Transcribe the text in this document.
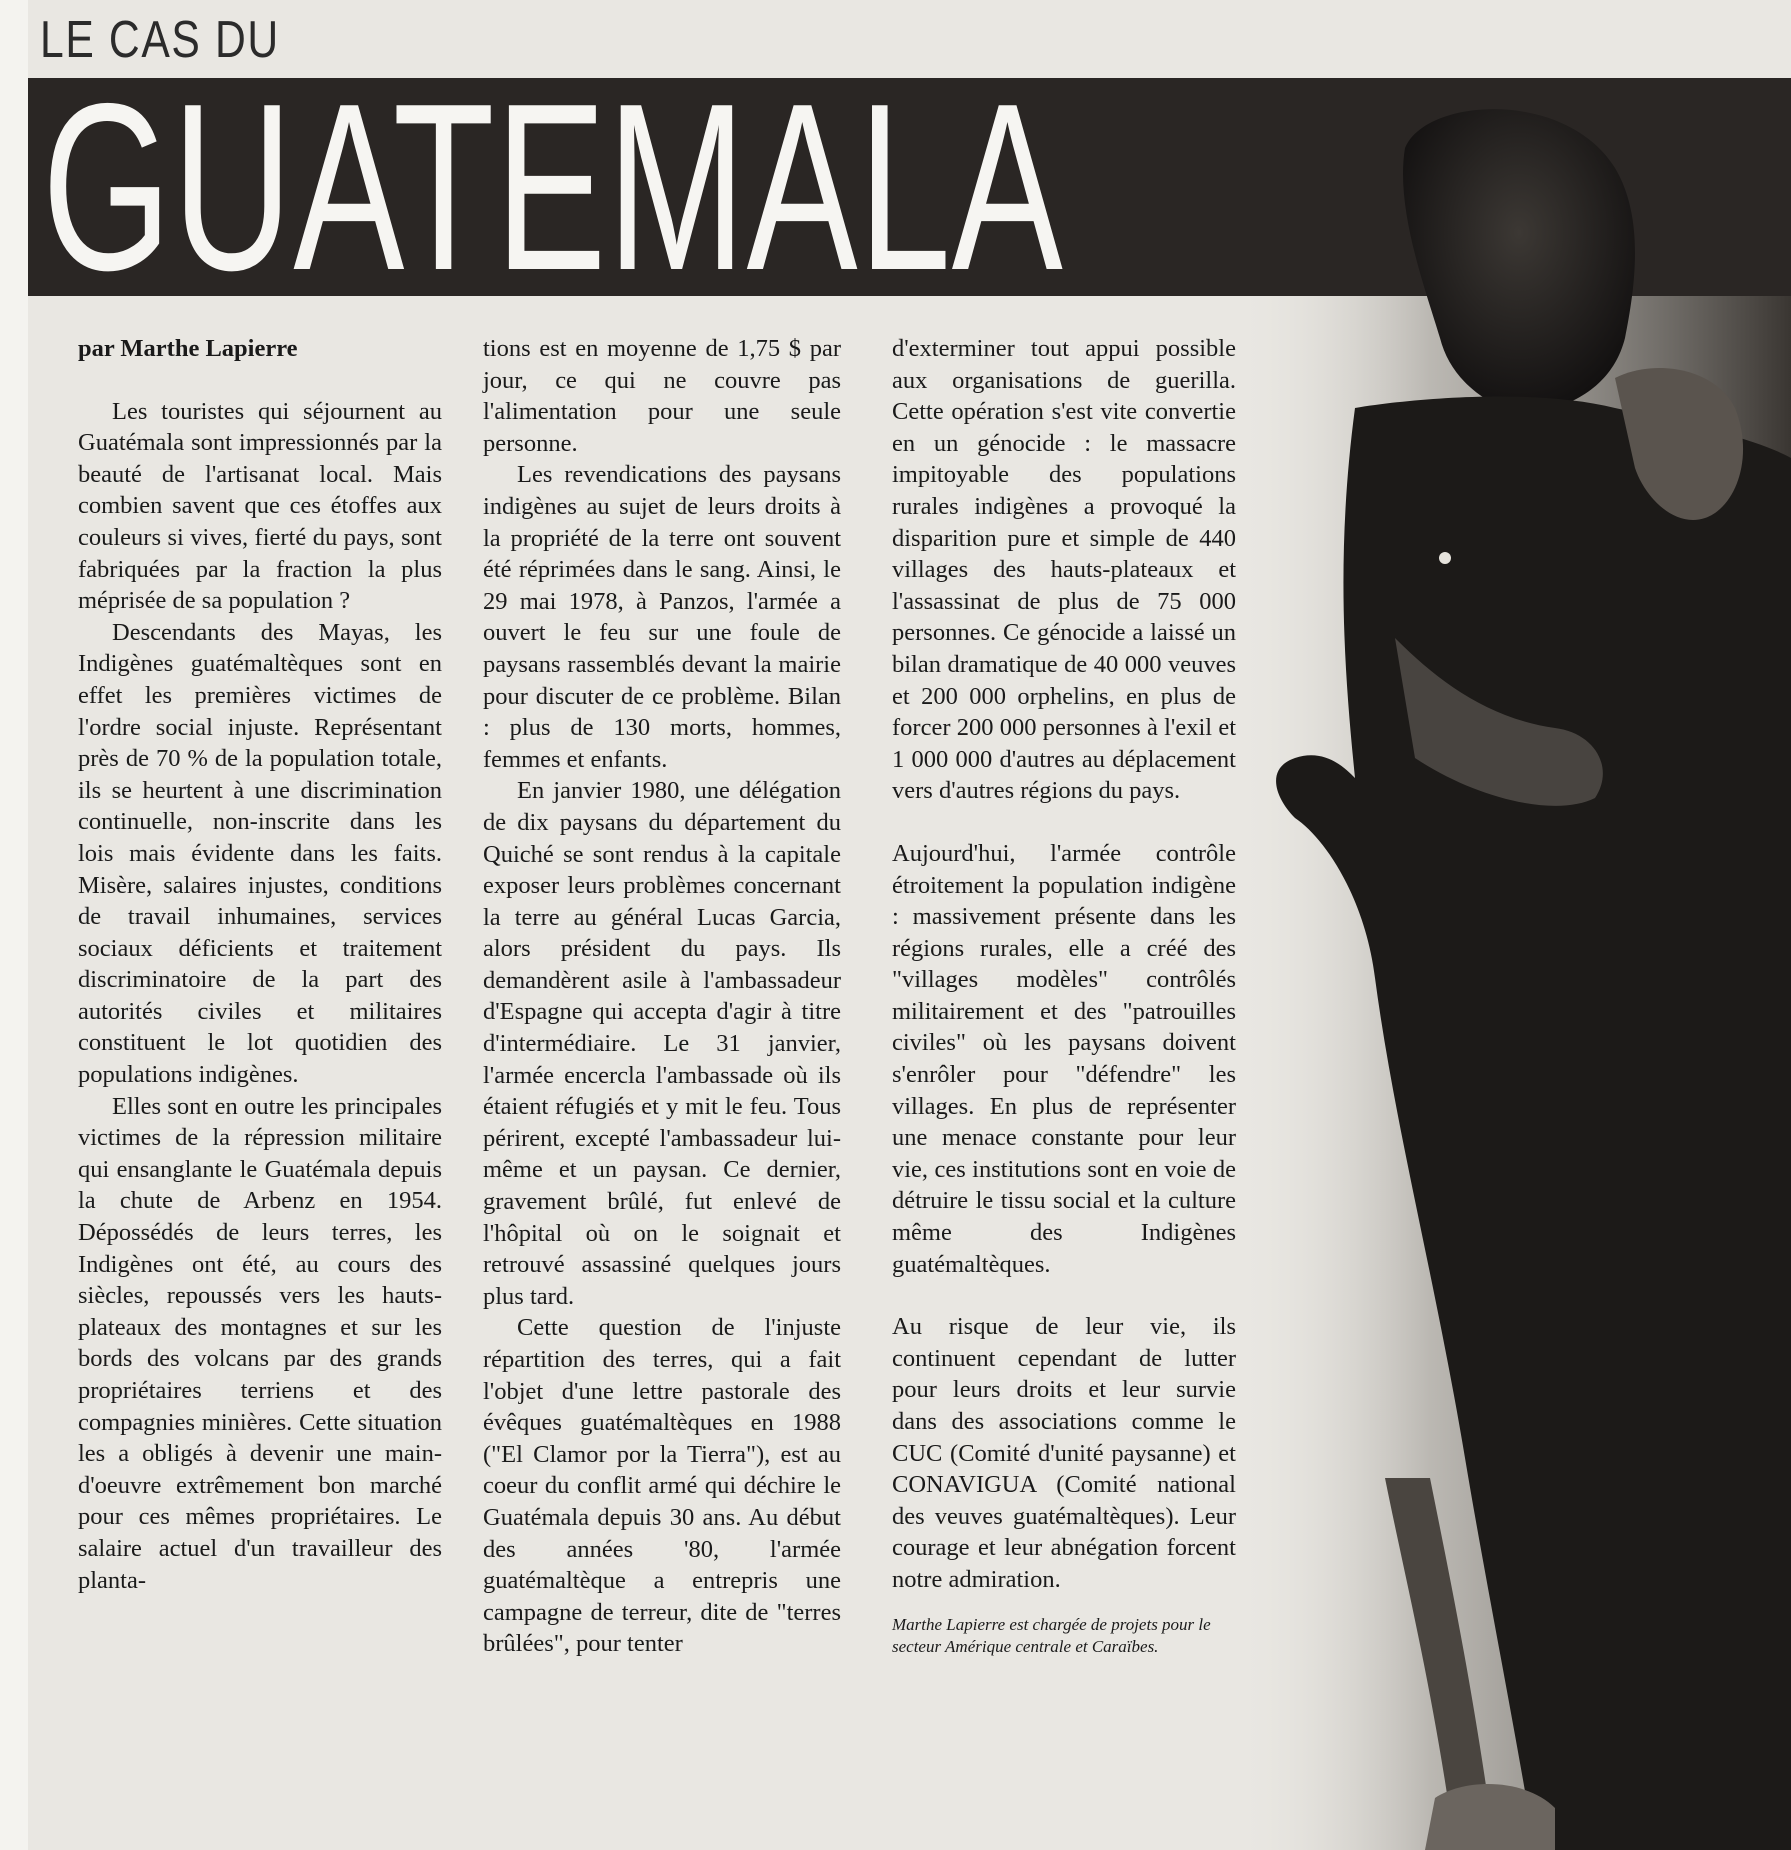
LE CAS DU
GUATEMALA

par Marthe Lapierre

Les touristes qui séjournent au Guatémala sont impressionnés par la beauté de l'artisanat local. Mais combien savent que ces étoffes aux couleurs si vives, fierté du pays, sont fabriquées par la fraction la plus méprisée de sa population ?

Descendants des Mayas, les Indigènes guatémaltèques sont en effet les premières victimes de l'ordre social injuste. Représentant près de 70 % de la population totale, ils se heurtent à une discrimination continuelle, non-inscrite dans les lois mais évidente dans les faits. Misère, salaires injustes, conditions de travail inhumaines, services sociaux déficients et traitement discriminatoire de la part des autorités civiles et militaires constituent le lot quotidien des populations indigènes.

Elles sont en outre les principales victimes de la répression militaire qui ensanglante le Guatémala depuis la chute de Arbenz en 1954. Dépossédés de leurs terres, les Indigènes ont été, au cours des siècles, repoussés vers les hauts-plateaux des montagnes et sur les bords des volcans par des grands propriétaires terriens et des compagnies minières. Cette situation les a obligés à devenir une main-d'oeuvre extrêmement bon marché pour ces mêmes propriétaires. Le salaire actuel d'un travailleur des planta-

tions est en moyenne de 1,75 $ par jour, ce qui ne couvre pas l'alimentation pour une seule personne.

Les revendications des paysans indigènes au sujet de leurs droits à la propriété de la terre ont souvent été réprimées dans le sang. Ainsi, le 29 mai 1978, à Panzos, l'armée a ouvert le feu sur une foule de paysans rassemblés devant la mairie pour discuter de ce problème. Bilan : plus de 130 morts, hommes, femmes et enfants.

En janvier 1980, une délégation de dix paysans du département du Quiché se sont rendus à la capitale exposer leurs problèmes concernant la terre au général Lucas Garcia, alors président du pays. Ils demandèrent asile à l'ambassadeur d'Espagne qui accepta d'agir à titre d'intermédiaire. Le 31 janvier, l'armée encercla l'ambassade où ils étaient réfugiés et y mit le feu. Tous périrent, excepté l'ambassadeur lui-même et un paysan. Ce dernier, gravement brûlé, fut enlevé de l'hôpital où on le soignait et retrouvé assassiné quelques jours plus tard.

Cette question de l'injuste répartition des terres, qui a fait l'objet d'une lettre pastorale des évêques guatémaltèques en 1988 ("El Clamor por la Tierra"), est au coeur du conflit armé qui déchire le Guatémala depuis 30 ans. Au début des années '80, l'armée guatémaltèque a entrepris une campagne de terreur, dite de "terres brûlées", pour tenter

d'exterminer tout appui possible aux organisations de guerilla. Cette opération s'est vite convertie en un génocide : le massacre impitoyable des populations rurales indigènes a provoqué la disparition pure et simple de 440 villages des hauts-plateaux et l'assassinat de plus de 75 000 personnes. Ce génocide a laissé un bilan dramatique de 40 000 veuves et 200 000 orphelins, en plus de forcer 200 000 personnes à l'exil et 1 000 000 d'autres au déplacement vers d'autres régions du pays.

Aujourd'hui, l'armée contrôle étroitement la population indigène : massivement présente dans les régions rurales, elle a créé des "villages modèles" contrôlés militairement et des "patrouilles civiles" où les paysans doivent s'enrôler pour "défendre" les villages. En plus de représenter une menace constante pour leur vie, ces institutions sont en voie de détruire le tissu social et la culture même des Indigènes guatémaltèques.

Au risque de leur vie, ils continuent cependant de lutter pour leurs droits et leur survie dans des associations comme le CUC (Comité d'unité paysanne) et CONAVIGUA (Comité national des veuves guatémaltèques). Leur courage et leur abnégation forcent notre admiration.

Marthe Lapierre est chargée de projets pour le secteur Amérique centrale et Caraïbes.
